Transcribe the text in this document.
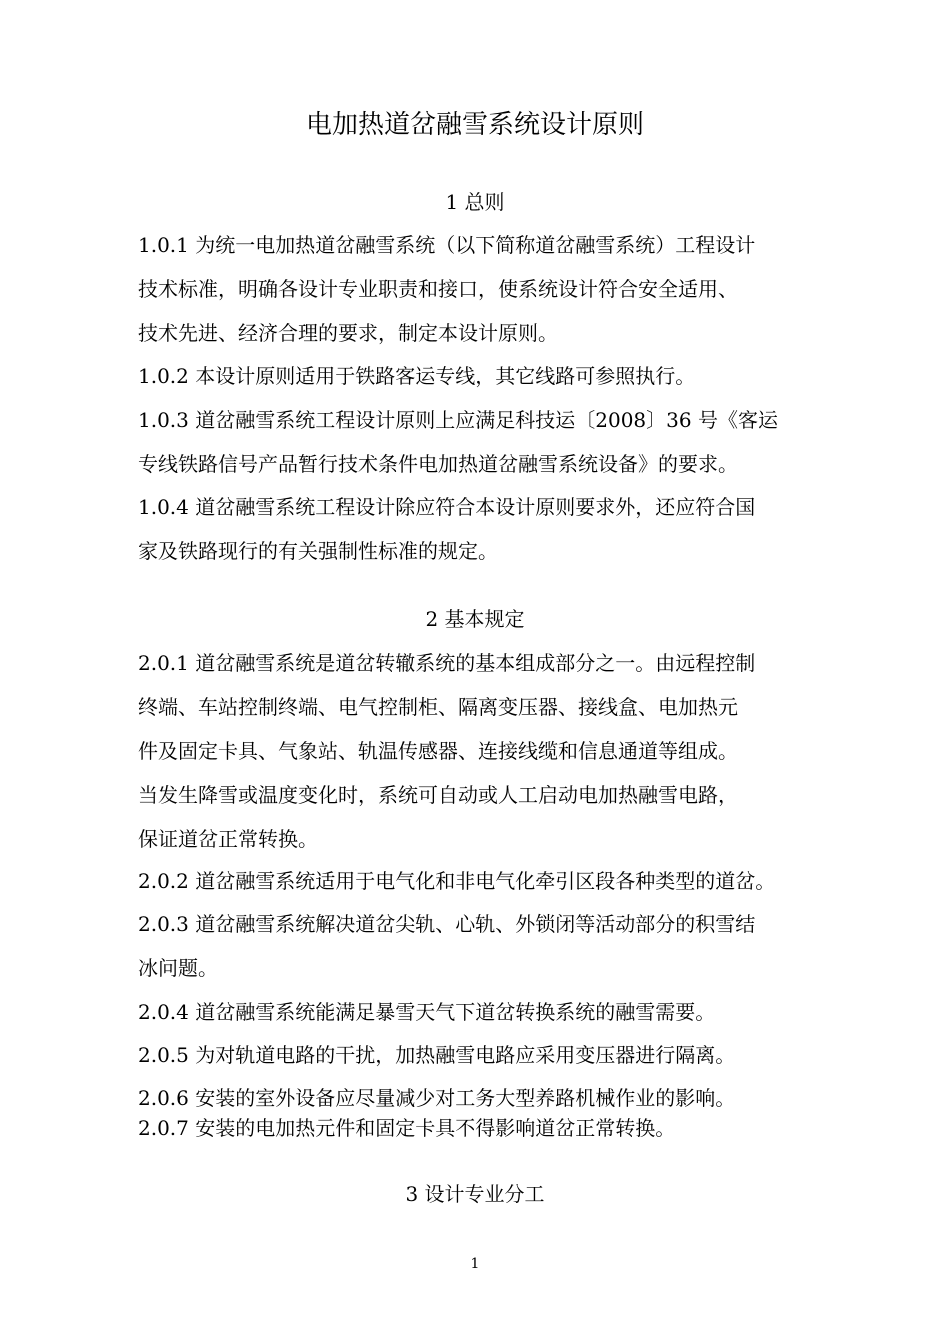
电加热道岔融雪系统设计原则
1 总则
1.0.1 为统一电加热道岔融雪系统（以下简称道岔融雪系统）工程设计
技术标准，明确各设计专业职责和接口，使系统设计符合安全适用、
技术先进、经济合理的要求，制定本设计原则。
1.0.2 本设计原则适用于铁路客运专线，其它线路可参照执行。
1.0.3 道岔融雪系统工程设计原则上应满足科技运〔2008〕36 号《客运
专线铁路信号产品暂行技术条件电加热道岔融雪系统设备》的要求。
1.0.4 道岔融雪系统工程设计除应符合本设计原则要求外，还应符合国
家及铁路现行的有关强制性标准的规定。
2 基本规定
2.0.1 道岔融雪系统是道岔转辙系统的基本组成部分之一。由远程控制
终端、车站控制终端、电气控制柜、隔离变压器、接线盒、电加热元
件及固定卡具、气象站、轨温传感器、连接线缆和信息通道等组成。
当发生降雪或温度变化时，系统可自动或人工启动电加热融雪电路，
保证道岔正常转换。
2.0.2 道岔融雪系统适用于电气化和非电气化牵引区段各种类型的道岔。
2.0.3 道岔融雪系统解决道岔尖轨、心轨、外锁闭等活动部分的积雪结
冰问题。
2.0.4 道岔融雪系统能满足暴雪天气下道岔转换系统的融雪需要。
2.0.5 为对轨道电路的干扰，加热融雪电路应采用变压器进行隔离。
2.0.6 安装的室外设备应尽量减少对工务大型养路机械作业的影响。
2.0.7 安装的电加热元件和固定卡具不得影响道岔正常转换。
3 设计专业分工
1
